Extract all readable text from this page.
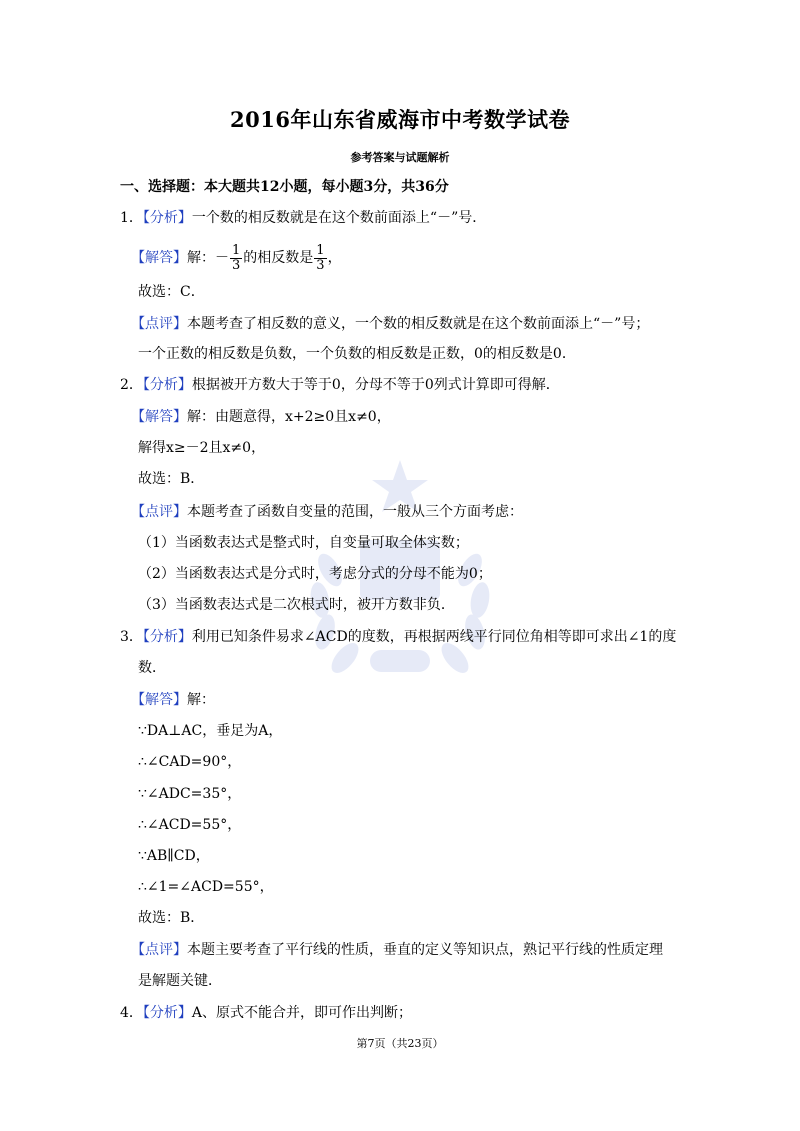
2016年山东省威海市中考数学试卷
参考答案与试题解析
一、选择题：本大题共12小题，每小题3分，共36分
1．【分析】一个数的相反数就是在这个数前面添上“－”号．
【解答】解：－ $\frac{1}{3}$ 的相反数是 $\frac{1}{3}$ ，
故选：C．
【点评】本题考查了相反数的意义，一个数的相反数就是在这个数前面添上“－”号；
一个正数的相反数是负数，一个负数的相反数是正数，0的相反数是0．
2．【分析】根据被开方数大于等于0，分母不等于0列式计算即可得解．
【解答】解：由题意得，x+2≥0且x≠0，
解得x≥－2且x≠0，
故选：B．
【点评】本题考查了函数自变量的范围，一般从三个方面考虑：
（1）当函数表达式是整式时，自变量可取全体实数；
（2）当函数表达式是分式时，考虑分式的分母不能为0；
（3）当函数表达式是二次根式时，被开方数非负．
3．【分析】利用已知条件易求∠ACD的度数，再根据两线平行同位角相等即可求出∠1的度
数．
【解答】解：
∵DA⊥AC，垂足为A，
∴∠CAD=90°，
∵∠ADC=35°，
∴∠ACD=55°，
∵AB∥CD，
∴∠1=∠ACD=55°，
故选：B．
【点评】本题主要考查了平行线的性质，垂直的定义等知识点，熟记平行线的性质定理
是解题关键．
4．【分析】A、原式不能合并，即可作出判断；
第7页（共23页）
